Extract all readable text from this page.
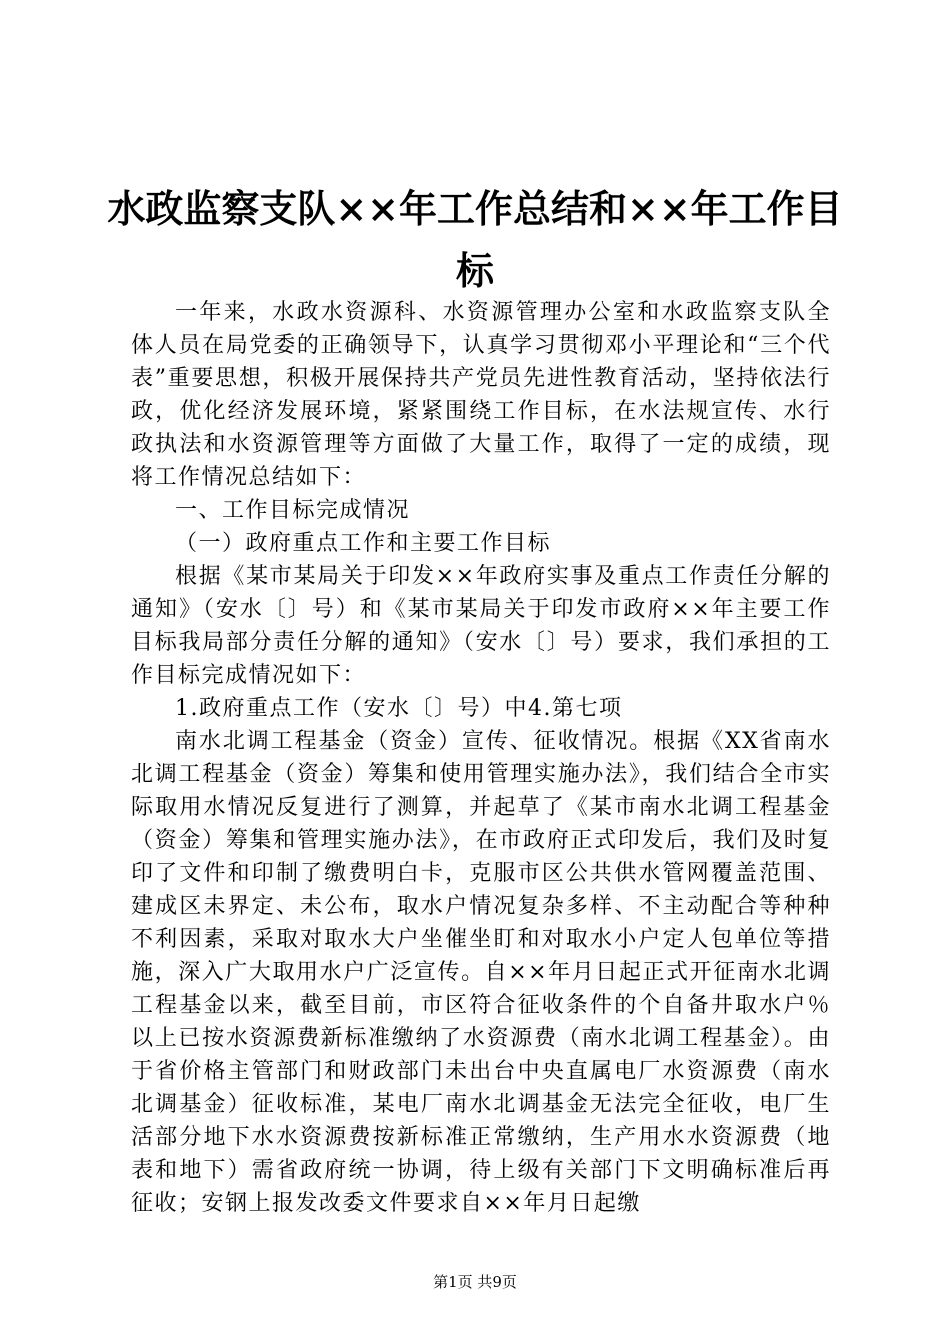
水政监察支队××年工作总结和××年工作目标

一年来，水政水资源科、水资源管理办公室和水政监察支队全体人员在局党委的正确领导下，认真学习贯彻邓小平理论和“三个代表”重要思想，积极开展保持共产党员先进性教育活动，坚持依法行政，优化经济发展环境，紧紧围绕工作目标，在水法规宣传、水行政执法和水资源管理等方面做了大量工作，取得了一定的成绩，现将工作情况总结如下：

一、工作目标完成情况

（一）政府重点工作和主要工作目标

根据《某市某局关于印发××年政府实事及重点工作责任分解的通知》（安水〔〕号）和《某市某局关于印发市政府××年主要工作目标我局部分责任分解的通知》（安水〔〕号）要求，我们承担的工作目标完成情况如下：

1.政府重点工作（安水〔〕号）中4.第七项

南水北调工程基金（资金）宣传、征收情况。根据《XX省南水北调工程基金（资金）筹集和使用管理实施办法》，我们结合全市实际取用水情况反复进行了测算，并起草了《某市南水北调工程基金（资金）筹集和管理实施办法》，在市政府正式印发后，我们及时复印了文件和印制了缴费明白卡，克服市区公共供水管网覆盖范围、建成区未界定、未公布，取水户情况复杂多样、不主动配合等种种不利因素，采取对取水大户坐催坐盯和对取水小户定人包单位等措施，深入广大取用水户广泛宣传。自××年月日起正式开征南水北调工程基金以来，截至目前，市区符合征收条件的个自备井取水户％以上已按水资源费新标准缴纳了水资源费（南水北调工程基金）。由于省价格主管部门和财政部门未出台中央直属电厂水资源费（南水北调基金）征收标准，某电厂南水北调基金无法完全征收，电厂生活部分地下水水资源费按新标准正常缴纳，生产用水水资源费（地表和地下）需省政府统一协调，待上级有关部门下文明确标准后再征收；安钢上报发改委文件要求自××年月日起缴

第1页 共9页
